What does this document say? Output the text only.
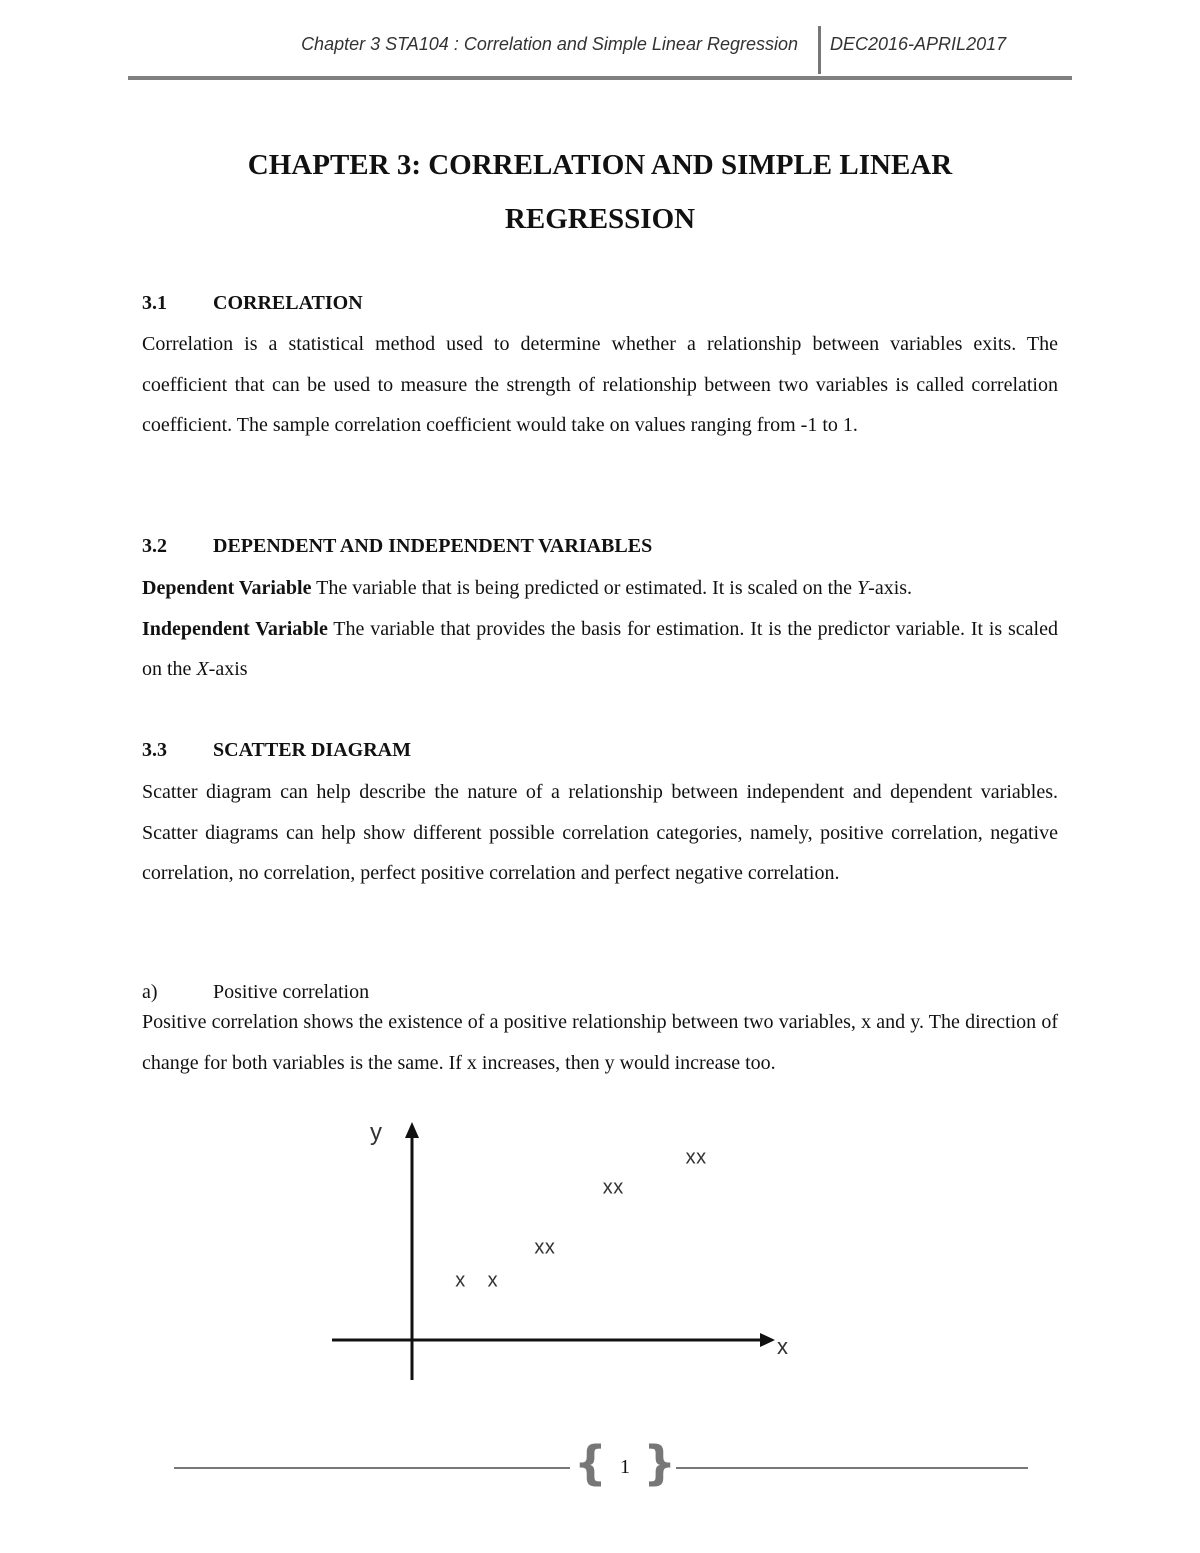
Chapter 3 STA104 : Correlation and Simple Linear Regression DEC2016-APRIL2017
CHAPTER 3: CORRELATION AND SIMPLE LINEAR
REGRESSION
3.1 CORRELATION
Correlation is a statistical method used to determine whether a relationship between variables exits. The coefficient that can be used to measure the strength of relationship between two variables is called correlation coefficient. The sample correlation coefficient would take on values ranging from -1 to 1.
3.2 DEPENDENT AND INDEPENDENT VARIABLES

Dependent Variable The variable that is being predicted or estimated. It is scaled on the Y-axis.

Independent Variable The variable that provides the basis for estimation. It is the predictor variable. It is scaled on the X-axis

3.3 SCATTER DIAGRAM
Scatter diagram can help describe the nature of a relationship between independent and dependent variables. Scatter diagrams can help show different possible correlation categories, namely, positive correlation, negative correlation, no correlation, perfect positive correlation and perfect negative correlation.
a)	Positive correlation
Positive correlation shows the existence of a positive relationship between two variables, x and y. The direction of change for both variables is the same. If x increases, then y would increase too.
x
y
x x
xx
xx
xx
{ 1 }
